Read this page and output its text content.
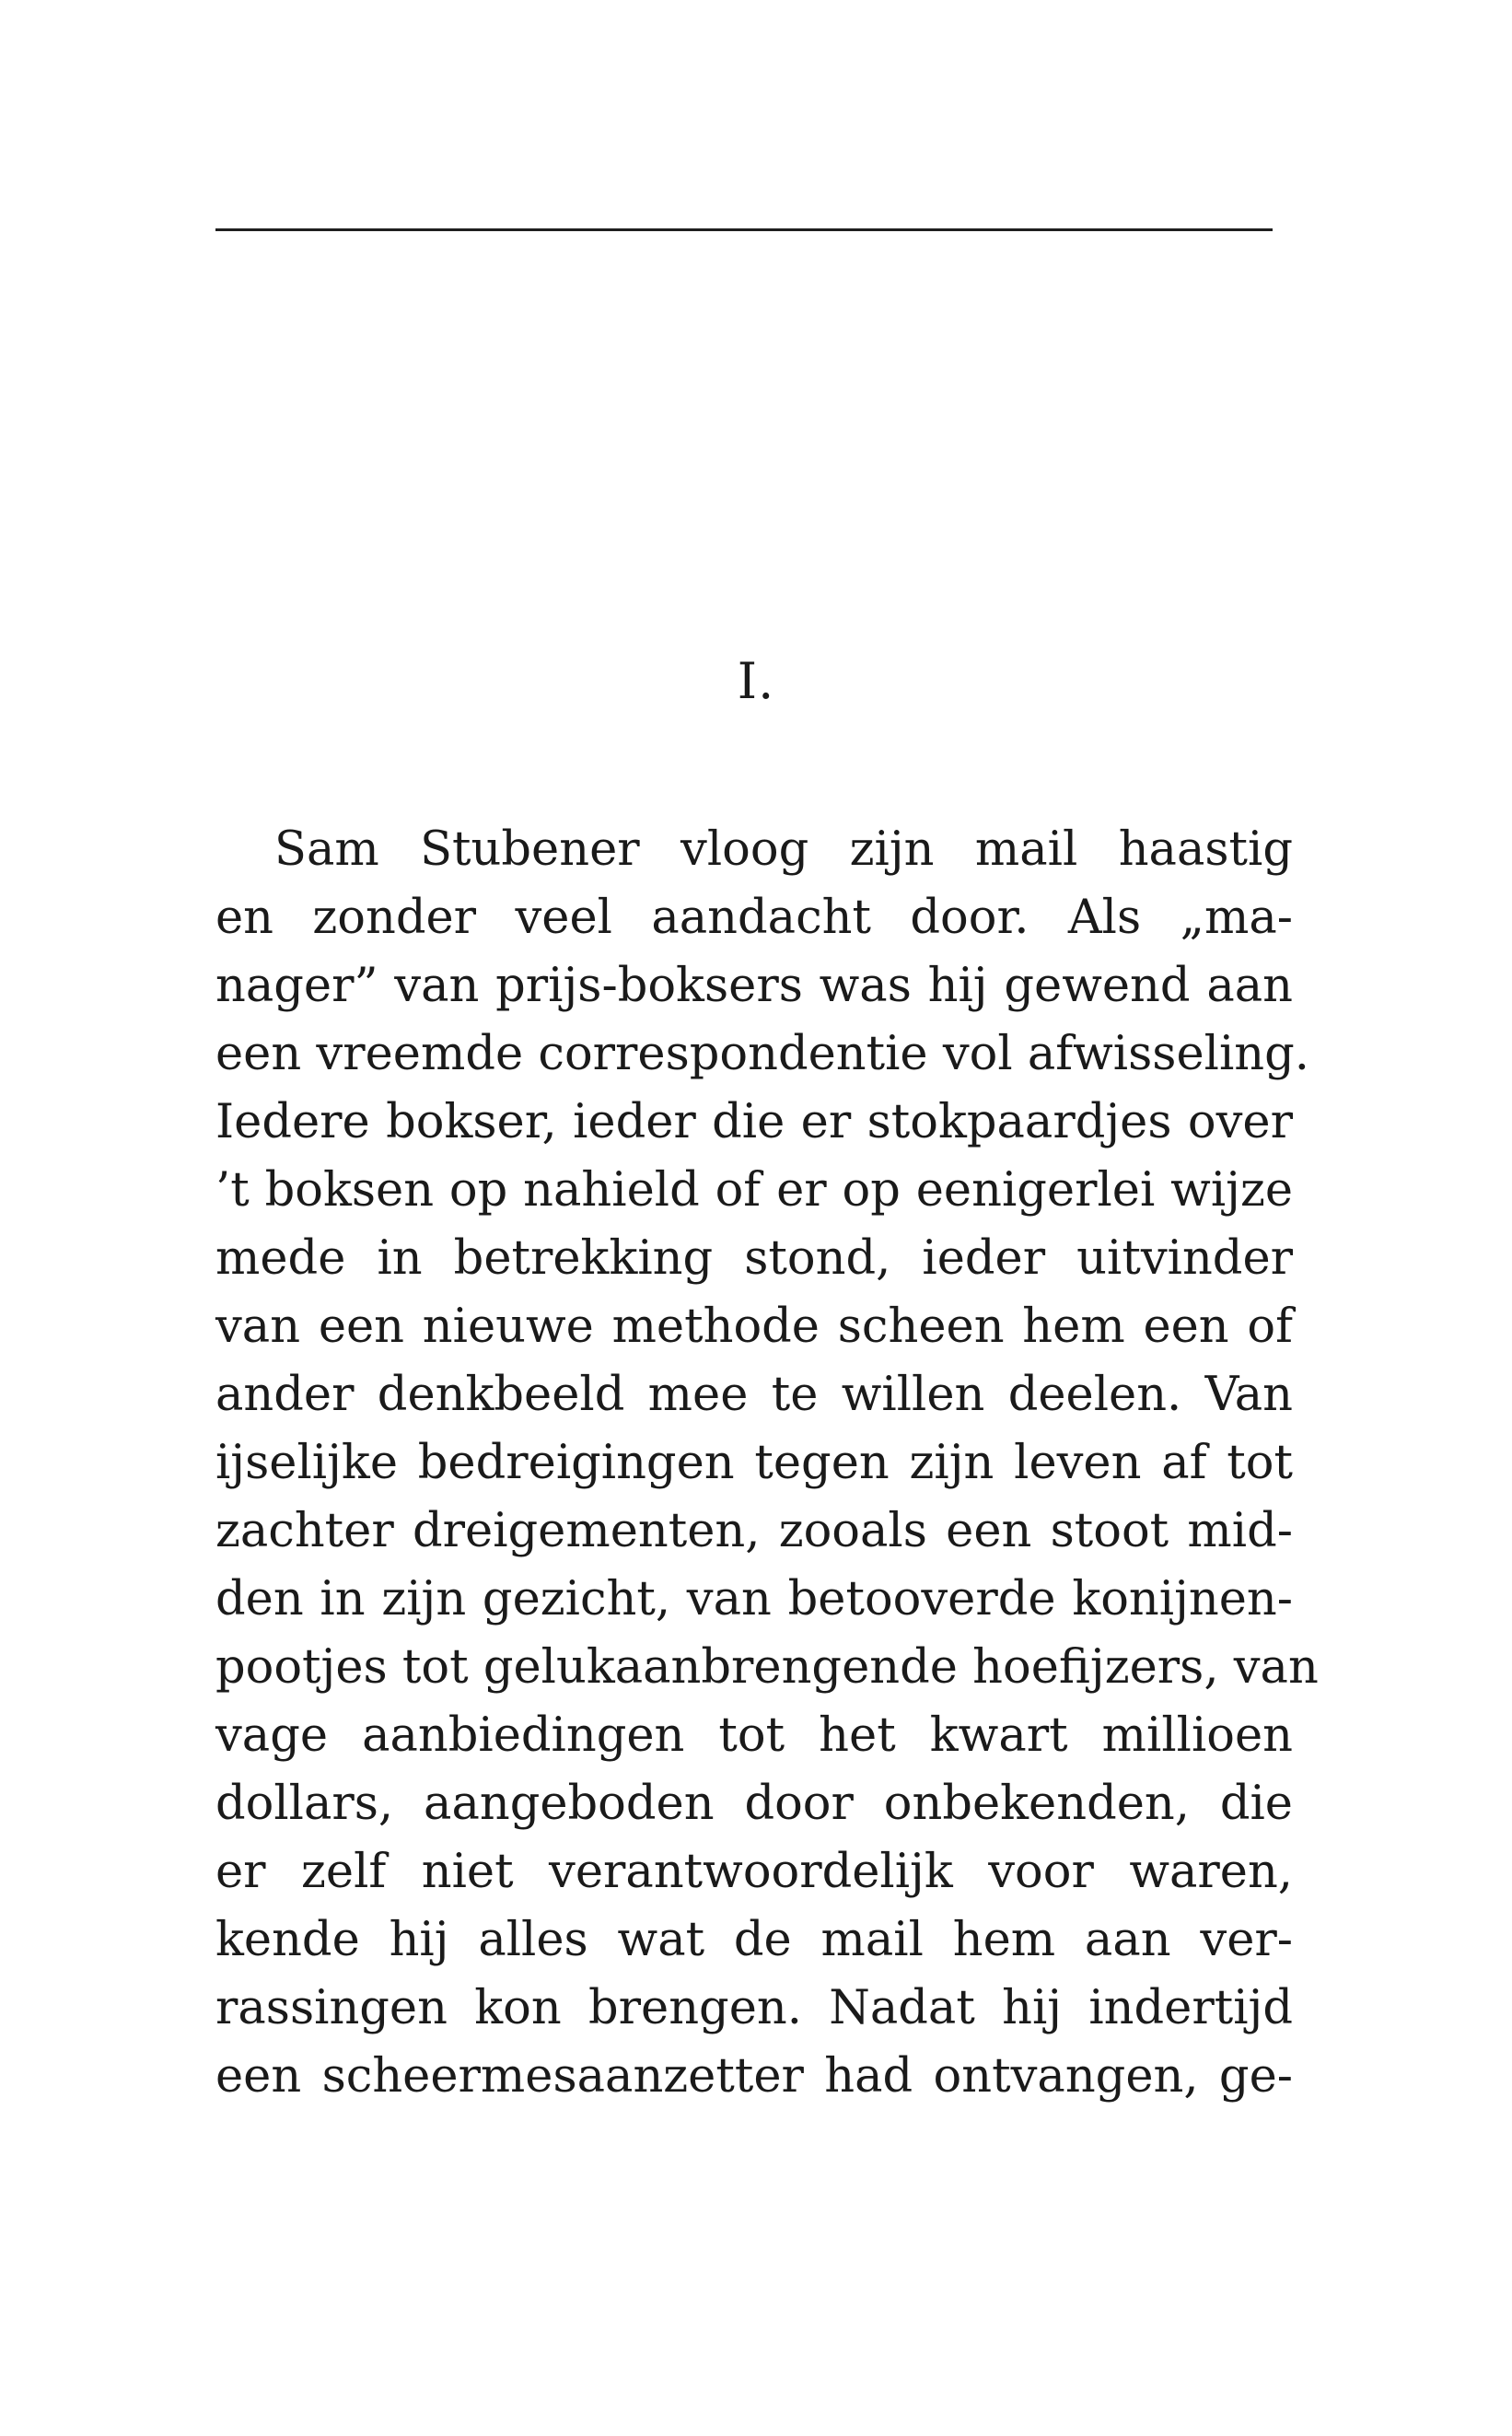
I.
Sam Stubener vloog zijn mail haastig
en zonder veel aandacht door. Als „ma-
nager” van prijs-boksers was hij gewend aan
een vreemde correspondentie vol afwisseling.
Iedere bokser, ieder die er stokpaardjes over
’t boksen op nahield of er op eenigerlei wijze
mede in betrekking stond, ieder uitvinder
van een nieuwe methode scheen hem een of
ander denkbeeld mee te willen deelen. Van
ijselijke bedreigingen tegen zijn leven af tot
zachter dreigementen, zooals een stoot mid-
den in zijn gezicht, van betooverde konijnen-
pootjes tot gelukaanbrengende hoefijzers, van
vage aanbiedingen tot het kwart millioen
dollars, aangeboden door onbekenden, die
er zelf niet verantwoordelijk voor waren,
kende hij alles wat de mail hem aan ver-
rassingen kon brengen. Nadat hij indertijd
een scheermesaanzetter had ontvangen, ge-
